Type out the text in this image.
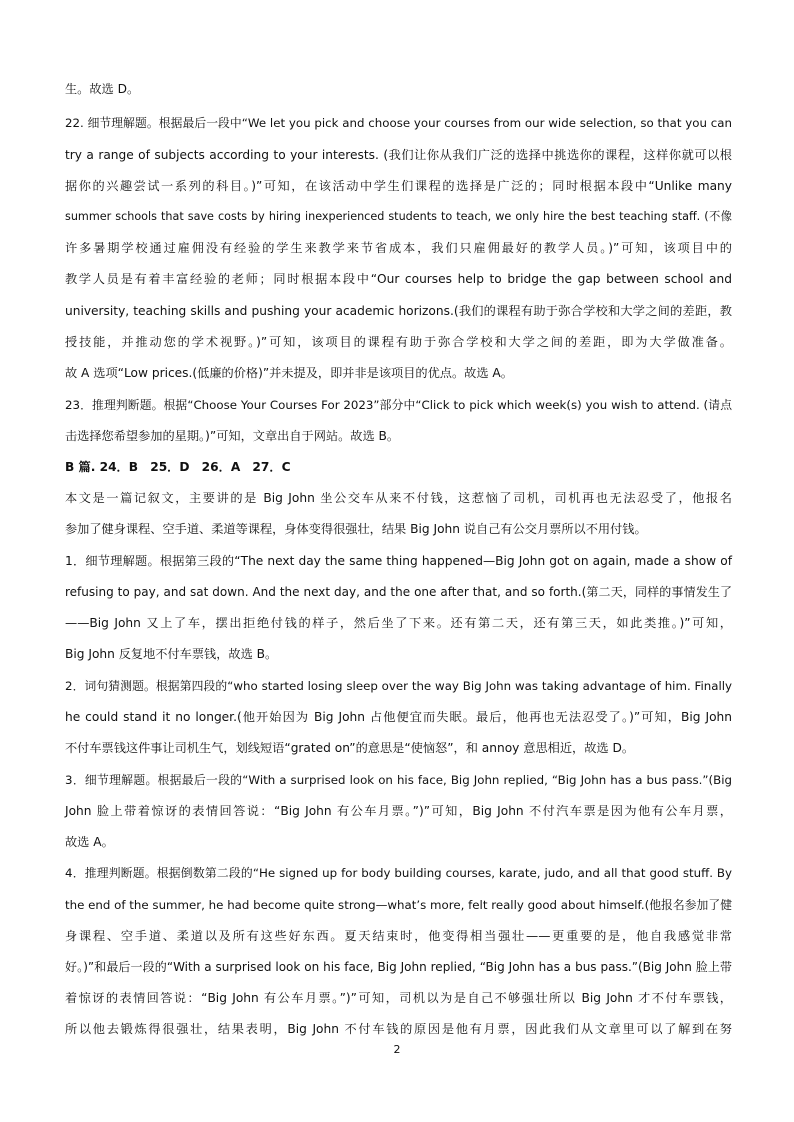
生。故选 D。
22. 细节理解题。根据最后一段中“We let you pick and choose your courses from our wide selection, so that you can
try a range of subjects according to your interests. (我们让你从我们广泛的选择中挑选你的课程，这样你就可以根
据你的兴趣尝试一系列的科目。)”可知，在该活动中学生们课程的选择是广泛的；同时根据本段中“Unlike many
summer schools that save costs by hiring inexperienced students to teach, we only hire the best teaching staff. (不像
许多暑期学校通过雇佣没有经验的学生来教学来节省成本，我们只雇佣最好的教学人员。)”可知，该项目中的
教学人员是有着丰富经验的老师；同时根据本段中“Our courses help to bridge the gap between school and
university, teaching skills and pushing your academic horizons.(我们的课程有助于弥合学校和大学之间的差距，教
授技能，并推动您的学术视野。)”可知，该项目的课程有助于弥合学校和大学之间的差距，即为大学做准备。
故 A 选项“Low prices.(低廉的价格)”并未提及，即并非是该项目的优点。故选 A。
23．推理判断题。根据“Choose Your Courses For 2023”部分中“Click to pick which week(s) you wish to attend. (请点
击选择您希望参加的星期。)”可知，文章出自于网站。故选 B。
B 篇. 24．B　25．D　26．A　27．C
本文是一篇记叙文，主要讲的是 Big John 坐公交车从来不付钱，这惹恼了司机，司机再也无法忍受了，他报名
参加了健身课程、空手道、柔道等课程，身体变得很强壮，结果 Big John 说自己有公交月票所以不用付钱。
1．细节理解题。根据第三段的“The next day the same thing happened—Big John got on again, made a show of
refusing to pay, and sat down. And the next day, and the one after that, and so forth.(第二天，同样的事情发生了
——Big John 又上了车，摆出拒绝付钱的样子，然后坐了下来。还有第二天，还有第三天，如此类推。)”可知，
Big John 反复地不付车票钱，故选 B。
2．词句猜测题。根据第四段的“who started losing sleep over the way Big John was taking advantage of him. Finally
he could stand it no longer.(他开始因为 Big John 占他便宜而失眠。最后，他再也无法忍受了。)”可知，Big John
不付车票钱这件事让司机生气，划线短语“grated on”的意思是“使恼怒”，和 annoy 意思相近，故选 D。
3．细节理解题。根据最后一段的“With a surprised look on his face, Big John replied, “Big John has a bus pass.”(Big
John 脸上带着惊讶的表情回答说：“Big John 有公车月票。”)”可知，Big John 不付汽车票是因为他有公车月票，
故选 A。
4．推理判断题。根据倒数第二段的“He signed up for body building courses, karate, judo, and all that good stuff. By
the end of the summer, he had become quite strong—what’s more, felt really good about himself.(他报名参加了健
身课程、空手道、柔道以及所有这些好东西。夏天结束时，他变得相当强壮——更重要的是，他自我感觉非常
好。)”和最后一段的“With a surprised look on his face, Big John replied, “Big John has a bus pass.”(Big John 脸上带
着惊讶的表情回答说：“Big John 有公车月票。”)”可知，司机以为是自己不够强壮所以 Big John 才不付车票钱，
所以他去锻炼得很强壮，结果表明，Big John 不付车钱的原因是他有月票，因此我们从文章里可以了解到在努
2
